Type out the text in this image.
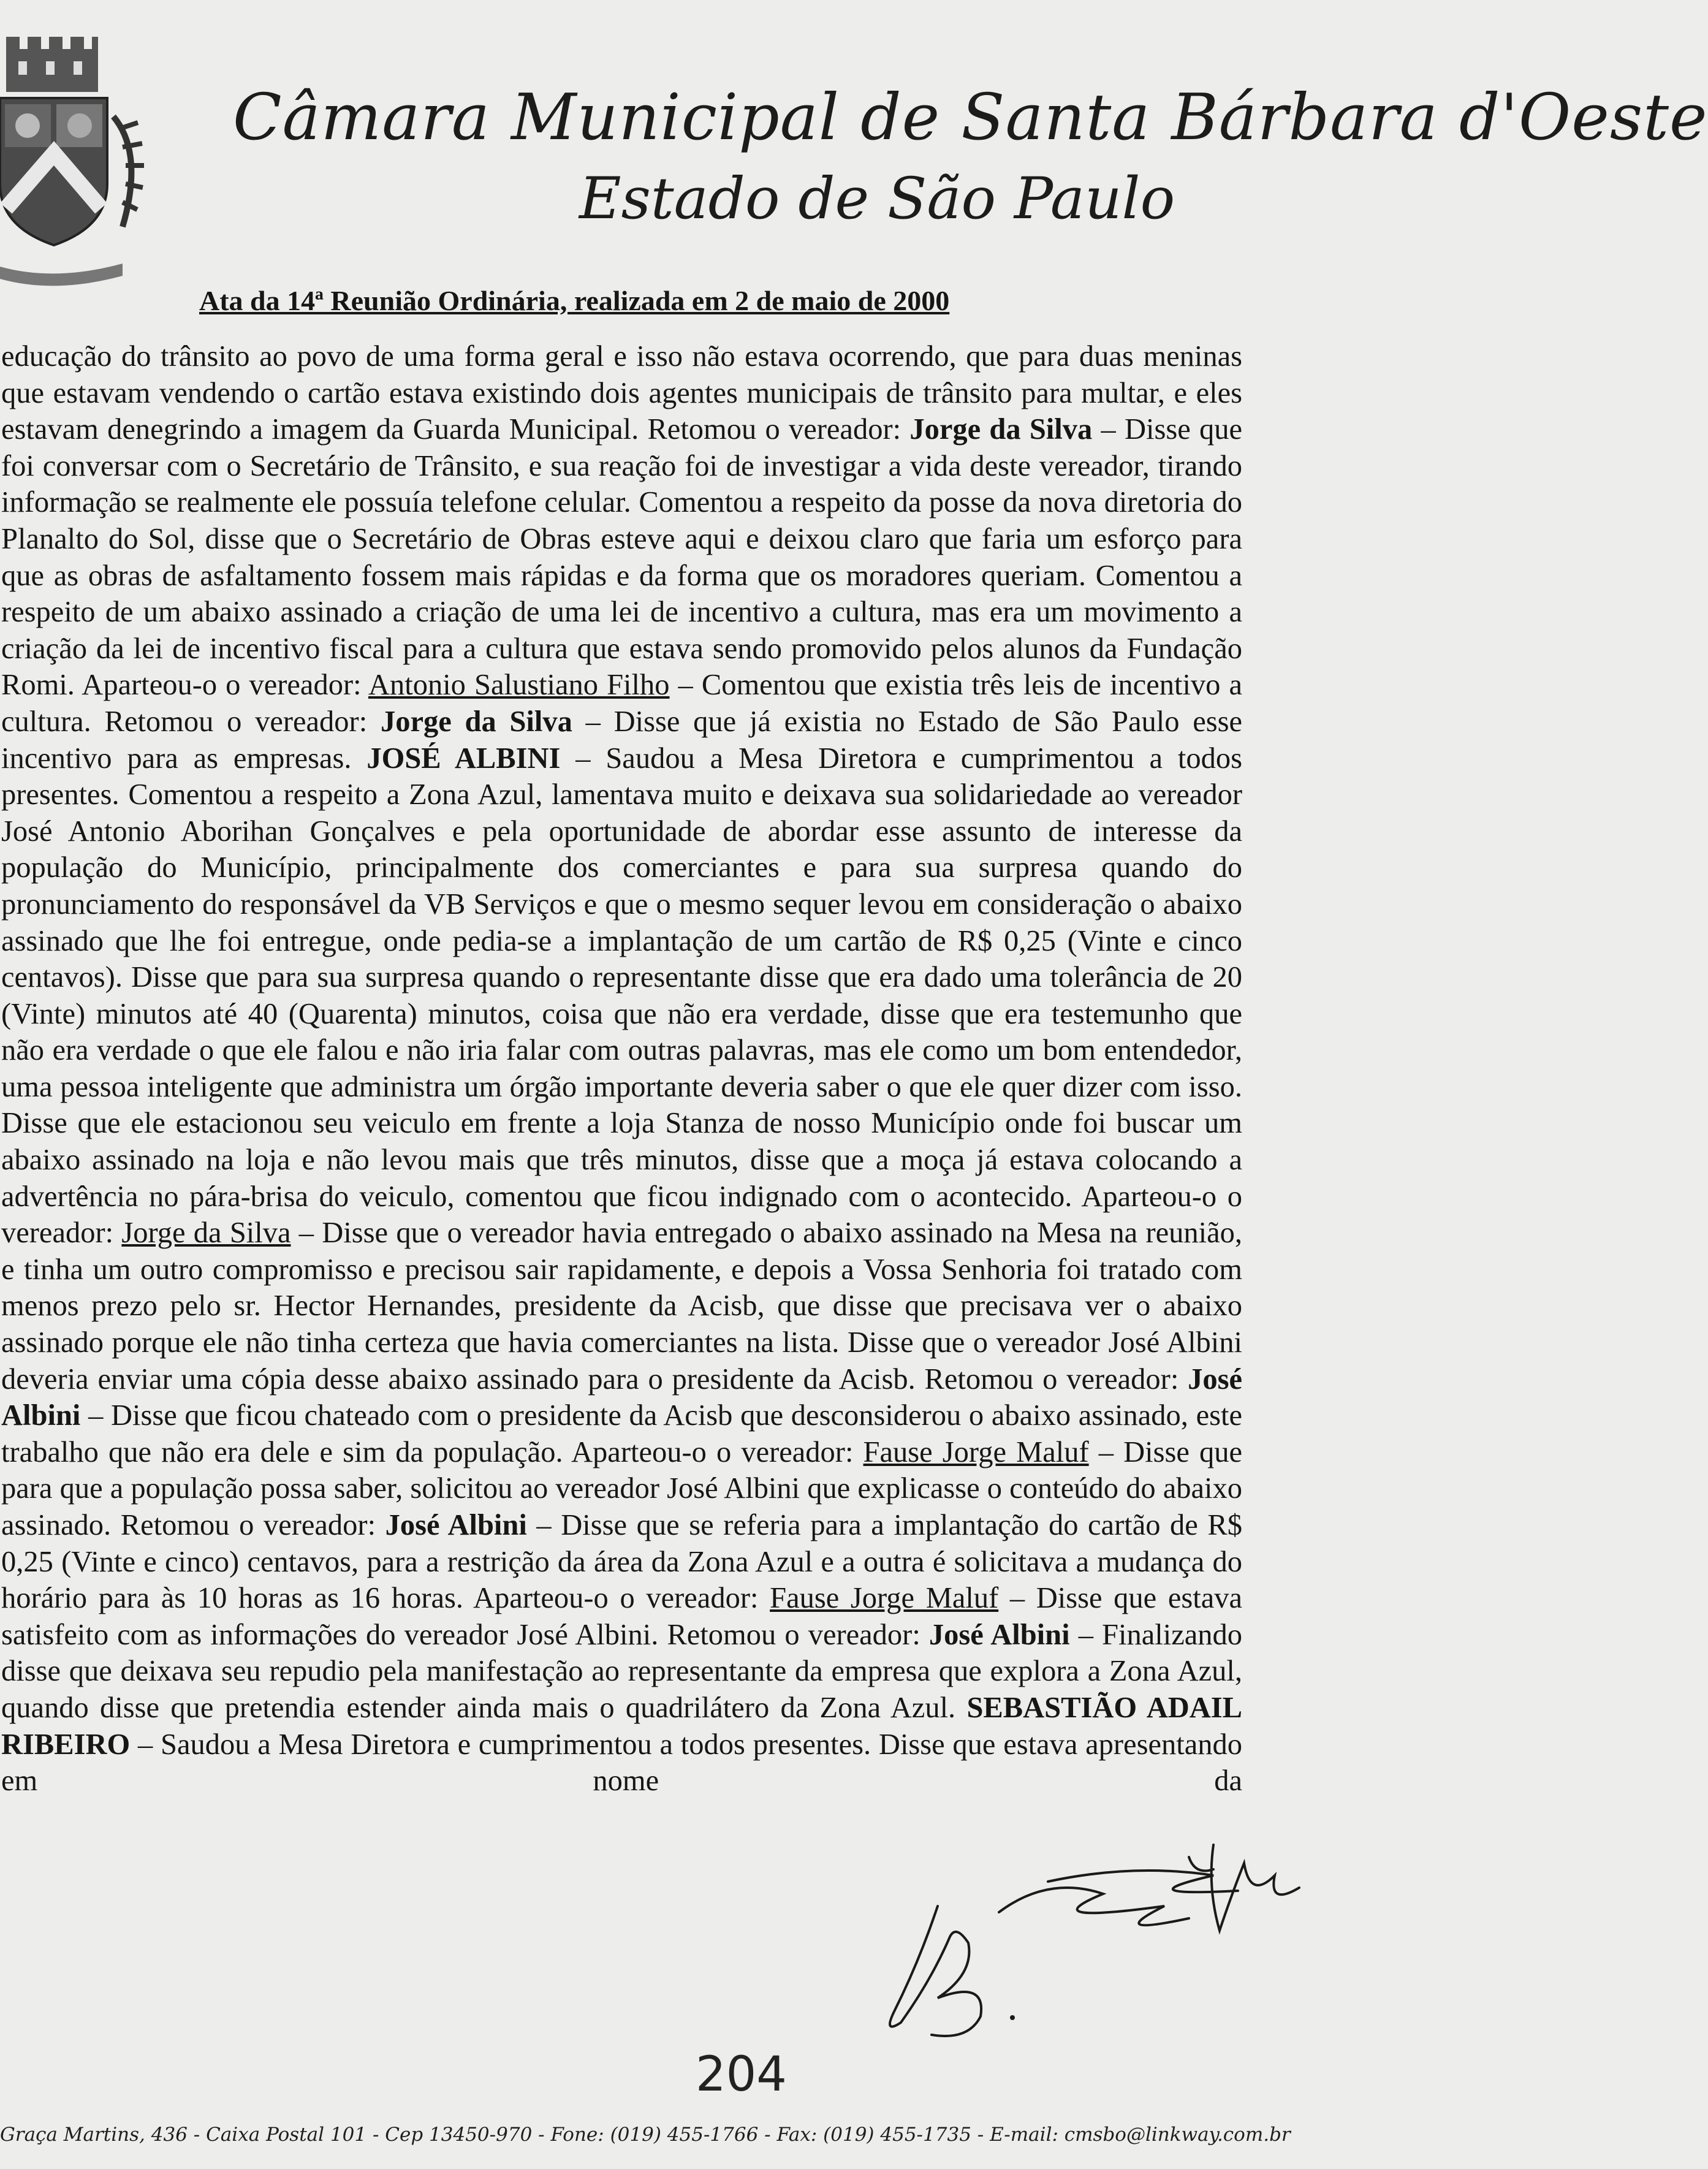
Câmara Municipal de Santa Bárbara d'Oeste
Estado de São Paulo
Ata da 14ª Reunião Ordinária, realizada em 2 de maio de 2000
educação do trânsito ao povo de uma forma geral e isso não estava ocorrendo, que para duas meninas que estavam vendendo o cartão estava existindo dois agentes municipais de trânsito para multar, e eles estavam denegrindo a imagem da Guarda Municipal. Retomou o vereador: Jorge da Silva – Disse que foi conversar com o Secretário de Trânsito, e sua reação foi de investigar a vida deste vereador, tirando informação se realmente ele possuía telefone celular. Comentou a respeito da posse da nova diretoria do Planalto do Sol, disse que o Secretário de Obras esteve aqui e deixou claro que faria um esforço para que as obras de asfaltamento fossem mais rápidas e da forma que os moradores queriam. Comentou a respeito de um abaixo assinado a criação de uma lei de incentivo a cultura, mas era um movimento a criação da lei de incentivo fiscal para a cultura que estava sendo promovido pelos alunos da Fundação Romi. Aparteou-o o vereador: Antonio Salustiano Filho – Comentou que existia três leis de incentivo a cultura. Retomou o vereador: Jorge da Silva – Disse que já existia no Estado de São Paulo esse incentivo para as empresas. JOSÉ ALBINI – Saudou a Mesa Diretora e cumprimentou a todos presentes. Comentou a respeito a Zona Azul, lamentava muito e deixava sua solidariedade ao vereador José Antonio Aborihan Gonçalves e pela oportunidade de abordar esse assunto de interesse da população do Município, principalmente dos comerciantes e para sua surpresa quando do pronunciamento do responsável da VB Serviços e que o mesmo sequer levou em consideração o abaixo assinado que lhe foi entregue, onde pedia-se a implantação de um cartão de R$ 0,25 (Vinte e cinco centavos). Disse que para sua surpresa quando o representante disse que era dado uma tolerância de 20 (Vinte) minutos até 40 (Quarenta) minutos, coisa que não era verdade, disse que era testemunho que não era verdade o que ele falou e não iria falar com outras palavras, mas ele como um bom entendedor, uma pessoa inteligente que administra um órgão importante deveria saber o que ele quer dizer com isso. Disse que ele estacionou seu veiculo em frente a loja Stanza de nosso Município onde foi buscar um abaixo assinado na loja e não levou mais que três minutos, disse que a moça já estava colocando a advertência no pára-brisa do veiculo, comentou que ficou indignado com o acontecido. Aparteou-o o vereador: Jorge da Silva – Disse que o vereador havia entregado o abaixo assinado na Mesa na reunião, e tinha um outro compromisso e precisou sair rapidamente, e depois a Vossa Senhoria foi tratado com menos prezo pelo sr. Hector Hernandes, presidente da Acisb, que disse que precisava ver o abaixo assinado porque ele não tinha certeza que havia comerciantes na lista. Disse que o vereador José Albini deveria enviar uma cópia desse abaixo assinado para o presidente da Acisb. Retomou o vereador: José Albini – Disse que ficou chateado com o presidente da Acisb que desconsiderou o abaixo assinado, este trabalho que não era dele e sim da população. Aparteou-o o vereador: Fause Jorge Maluf – Disse que para que a população possa saber, solicitou ao vereador José Albini que explicasse o conteúdo do abaixo assinado. Retomou o vereador: José Albini – Disse que se referia para a implantação do cartão de R$ 0,25 (Vinte e cinco) centavos, para a restrição da área da Zona Azul e a outra é solicitava a mudança do horário para às 10 horas as 16 horas. Aparteou-o o vereador: Fause Jorge Maluf – Disse que estava satisfeito com as informações do vereador José Albini. Retomou o vereador: José Albini – Finalizando disse que deixava seu repudio pela manifestação ao representante da empresa que explora a Zona Azul, quando disse que pretendia estender ainda mais o quadrilátero da Zona Azul. SEBASTIÃO ADAIL RIBEIRO – Saudou a Mesa Diretora e cumprimentou a todos presentes. Disse que estava apresentando em nome da
204
Graça Martins, 436 - Caixa Postal 101 - Cep 13450-970 - Fone: (019) 455-1766 - Fax: (019) 455-1735 - E-mail: cmsbo@linkway.com.br
